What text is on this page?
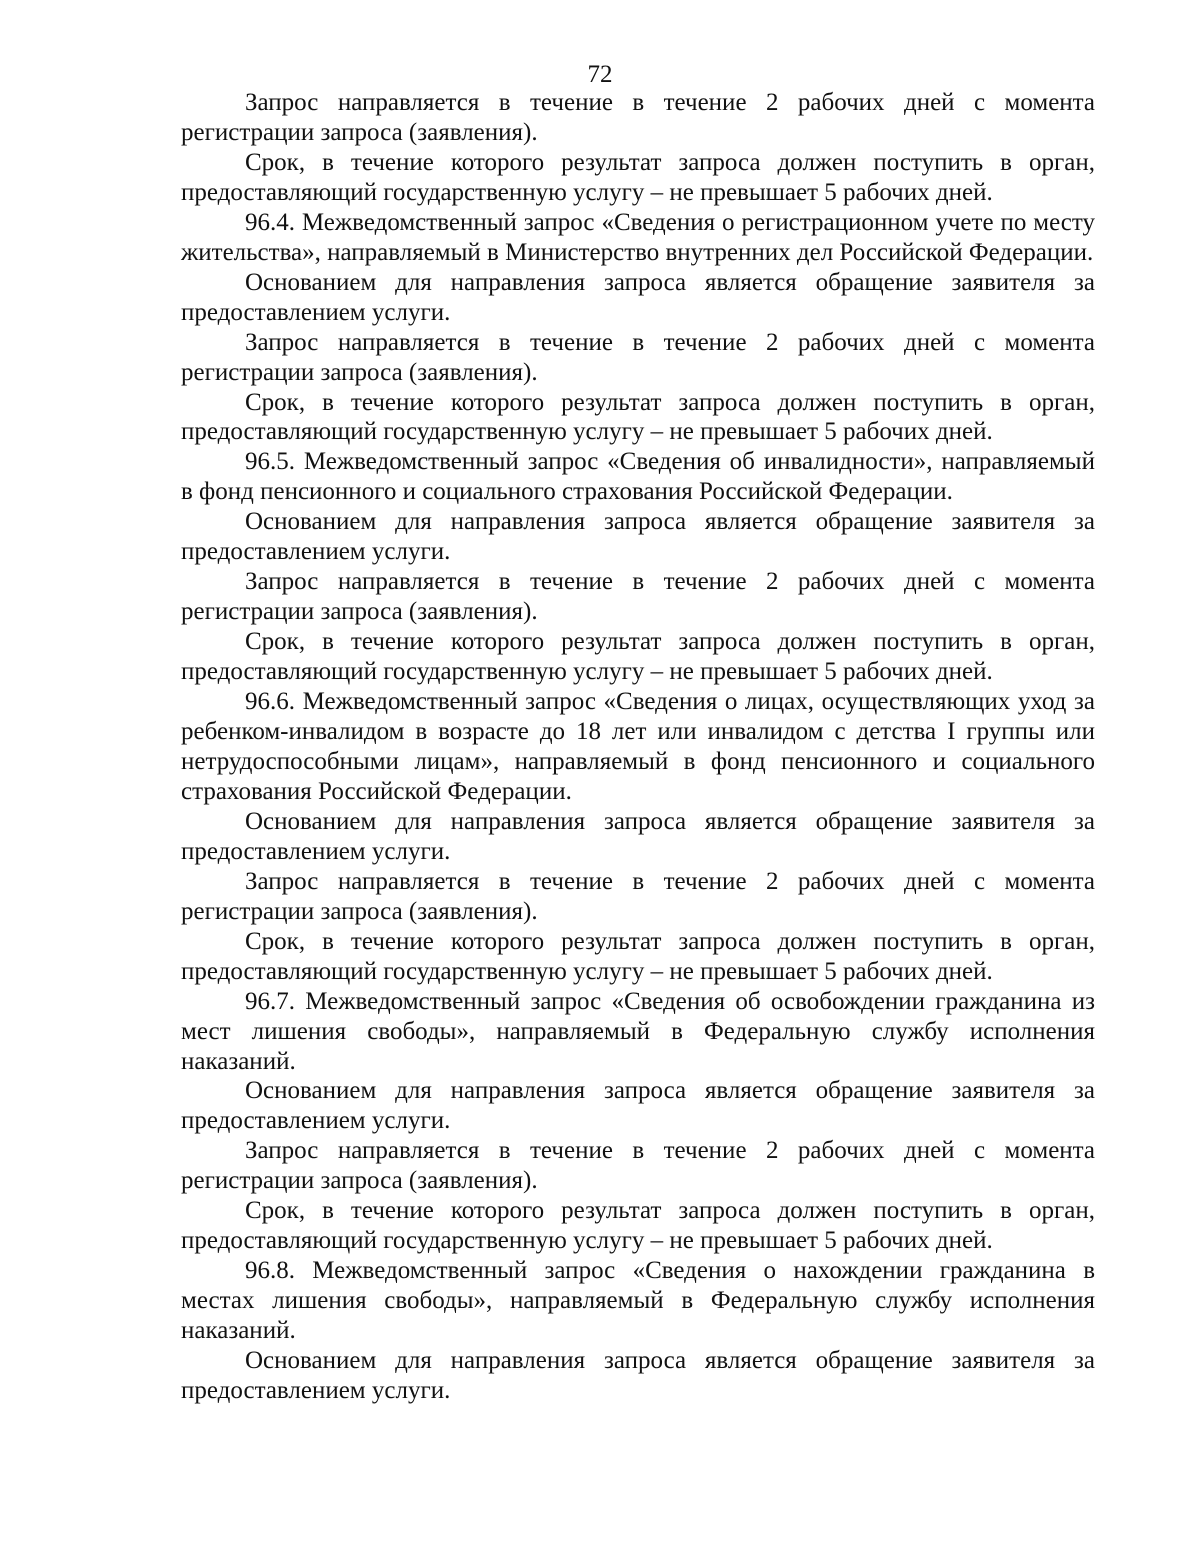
72

Запрос направляется в течение в течение 2 рабочих дней с момента регистрации запроса (заявления).

Срок, в течение которого результат запроса должен поступить в орган, предоставляющий государственную услугу – не превышает 5 рабочих дней.

96.4. Межведомственный запрос «Сведения о регистрационном учете по месту жительства», направляемый в Министерство внутренних дел Российской Федерации.

Основанием для направления запроса является обращение заявителя за предоставлением услуги.

Запрос направляется в течение в течение 2 рабочих дней с момента регистрации запроса (заявления).

Срок, в течение которого результат запроса должен поступить в орган, предоставляющий государственную услугу – не превышает 5 рабочих дней.

96.5. Межведомственный запрос «Сведения об инвалидности», направляемый в фонд пенсионного и социального страхования Российской Федерации.

Основанием для направления запроса является обращение заявителя за предоставлением услуги.

Запрос направляется в течение в течение 2 рабочих дней с момента регистрации запроса (заявления).

Срок, в течение которого результат запроса должен поступить в орган, предоставляющий государственную услугу – не превышает 5 рабочих дней.

96.6. Межведомственный запрос «Сведения о лицах, осуществляющих уход за ребенком-инвалидом в возрасте до 18 лет или инвалидом с детства I группы или нетрудоспособными лицам», направляемый в фонд пенсионного и социального страхования Российской Федерации.

Основанием для направления запроса является обращение заявителя за предоставлением услуги.

Запрос направляется в течение в течение 2 рабочих дней с момента регистрации запроса (заявления).

Срок, в течение которого результат запроса должен поступить в орган, предоставляющий государственную услугу – не превышает 5 рабочих дней.

96.7. Межведомственный запрос «Сведения об освобождении гражданина из мест лишения свободы», направляемый в Федеральную службу исполнения наказаний.

Основанием для направления запроса является обращение заявителя за предоставлением услуги.

Запрос направляется в течение в течение 2 рабочих дней с момента регистрации запроса (заявления).

Срок, в течение которого результат запроса должен поступить в орган, предоставляющий государственную услугу – не превышает 5 рабочих дней.

96.8. Межведомственный запрос «Сведения о нахождении гражданина в местах лишения свободы», направляемый в Федеральную службу исполнения наказаний.

Основанием для направления запроса является обращение заявителя за предоставлением услуги.
